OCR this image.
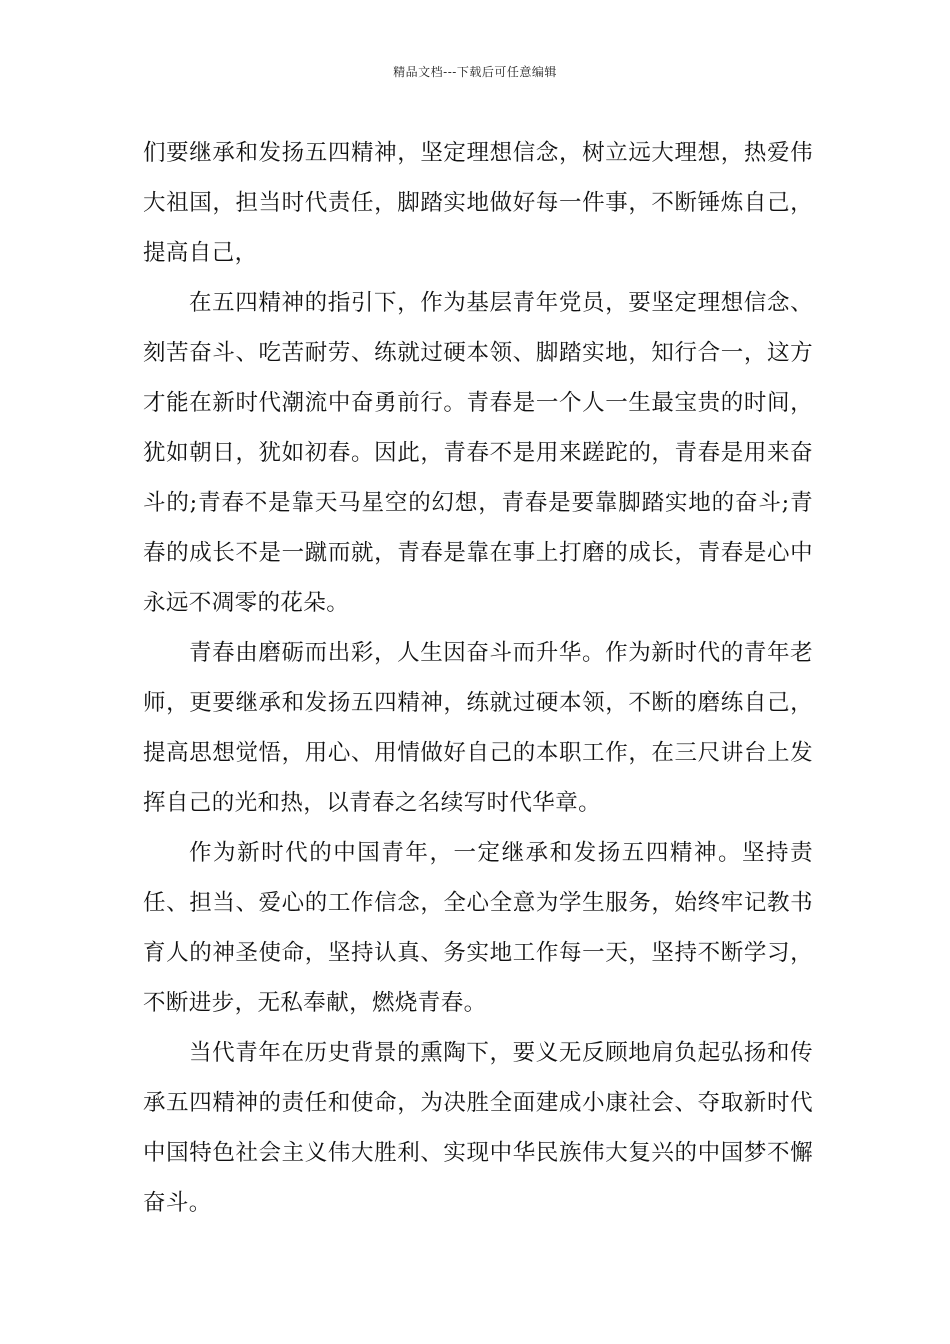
精品文档---下载后可任意编辑

们要继承和发扬五四精神，坚定理想信念，树立远大理想，热爱伟大祖国，担当时代责任，脚踏实地做好每一件事，不断锤炼自己，提高自己，

在五四精神的指引下，作为基层青年党员，要坚定理想信念、刻苦奋斗、吃苦耐劳、练就过硬本领、脚踏实地，知行合一，这方才能在新时代潮流中奋勇前行。青春是一个人一生最宝贵的时间，犹如朝日，犹如初春。因此，青春不是用来蹉跎的，青春是用来奋斗的;青春不是靠天马星空的幻想，青春是要靠脚踏实地的奋斗;青春的成长不是一蹴而就，青春是靠在事上打磨的成长，青春是心中永远不凋零的花朵。

青春由磨砺而出彩，人生因奋斗而升华。作为新时代的青年老师，更要继承和发扬五四精神，练就过硬本领，不断的磨练自己，提高思想觉悟，用心、用情做好自己的本职工作，在三尺讲台上发挥自己的光和热，以青春之名续写时代华章。

作为新时代的中国青年，一定继承和发扬五四精神。坚持责任、担当、爱心的工作信念，全心全意为学生服务，始终牢记教书育人的神圣使命，坚持认真、务实地工作每一天，坚持不断学习，不断进步，无私奉献，燃烧青春。

当代青年在历史背景的熏陶下，要义无反顾地肩负起弘扬和传承五四精神的责任和使命，为决胜全面建成小康社会、夺取新时代中国特色社会主义伟大胜利、实现中华民族伟大复兴的中国梦不懈奋斗。
